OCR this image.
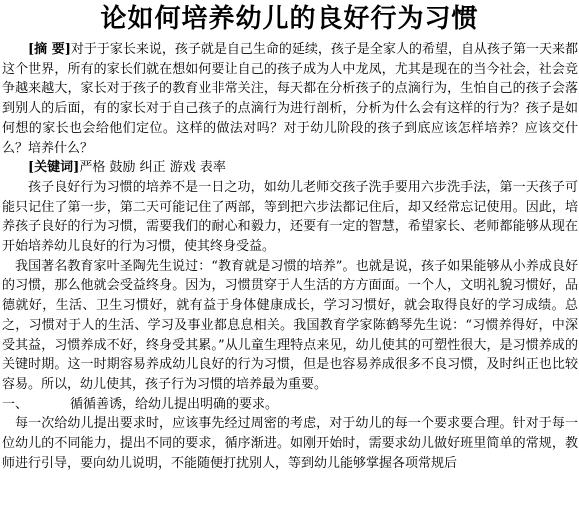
论如何培养幼儿的良好行为习惯

[摘 要]对于于家长来说，孩子就是自己生命的延续，孩子是全家人的希望，自从孩子第一天来都这个世界，所有的家长们就在想如何要让自己的孩子成为人中龙凤，尤其是现在的当今社会，社会竞争越来越大，家长对于孩子的教育业非常关注，每天都在分析孩子的点滴行为，生怕自己的孩子会落到别人的后面，有的家长对于自己孩子的点滴行为进行剖析，分析为什么会有这样的行为？孩子是如何想的家长也会给他们定位。这样的做法对吗？对于幼儿阶段的孩子到底应该怎样培养？应该交什么？培养什么？

[关键词]严格 鼓励 纠正 游戏 表率

孩子良好行为习惯的培养不是一日之功，如幼儿老师交孩子洗手要用六步洗手法，第一天孩子可能只记住了第一步，第二天可能记住了两部，等到把六步法都记住后，却又经常忘记使用。因此，培养孩子良好的行为习惯，需要我们的耐心和毅力，还要有一定的智慧，希望家长、老师都能够从现在开始培养幼儿良好的行为习惯，使其终身受益。

我国著名教育家叶圣陶先生说过：“教育就是习惯的培养”。也就是说，孩子如果能够从小养成良好的习惯，那么他就会受益终身。因为，习惯贯穿于人生活的方方面面。一个人，文明礼貌习惯好，品德就好，生活、卫生习惯好，就有益于身体健康成长，学习习惯好，就会取得良好的学习成绩。总之，习惯对于人的生活、学习及事业都息息相关。我国教育学家陈鹤琴先生说：“习惯养得好，中深受其益，习惯养成不好，终身受其累。”从儿童生理特点来见，幼儿使其的可塑性很大，是习惯养成的关键时期。这一时期容易养成幼儿良好的行为习惯，但是也容易养成很多不良习惯，及时纠正也比较容易。所以，幼儿使其，孩子行为习惯的培养最为重要。

一、	循循善诱，给幼儿提出明确的要求。

每一次给幼儿提出要求时，应该事先经过周密的考虑，对于幼儿的每一个要求要合理。针对于每一位幼儿的不同能力，提出不同的要求，循序渐进。如刚开始时，需要求幼儿做好班里简单的常规，教师进行引导，要向幼儿说明，不能随便打扰别人，等到幼儿能够掌握各项常规后
